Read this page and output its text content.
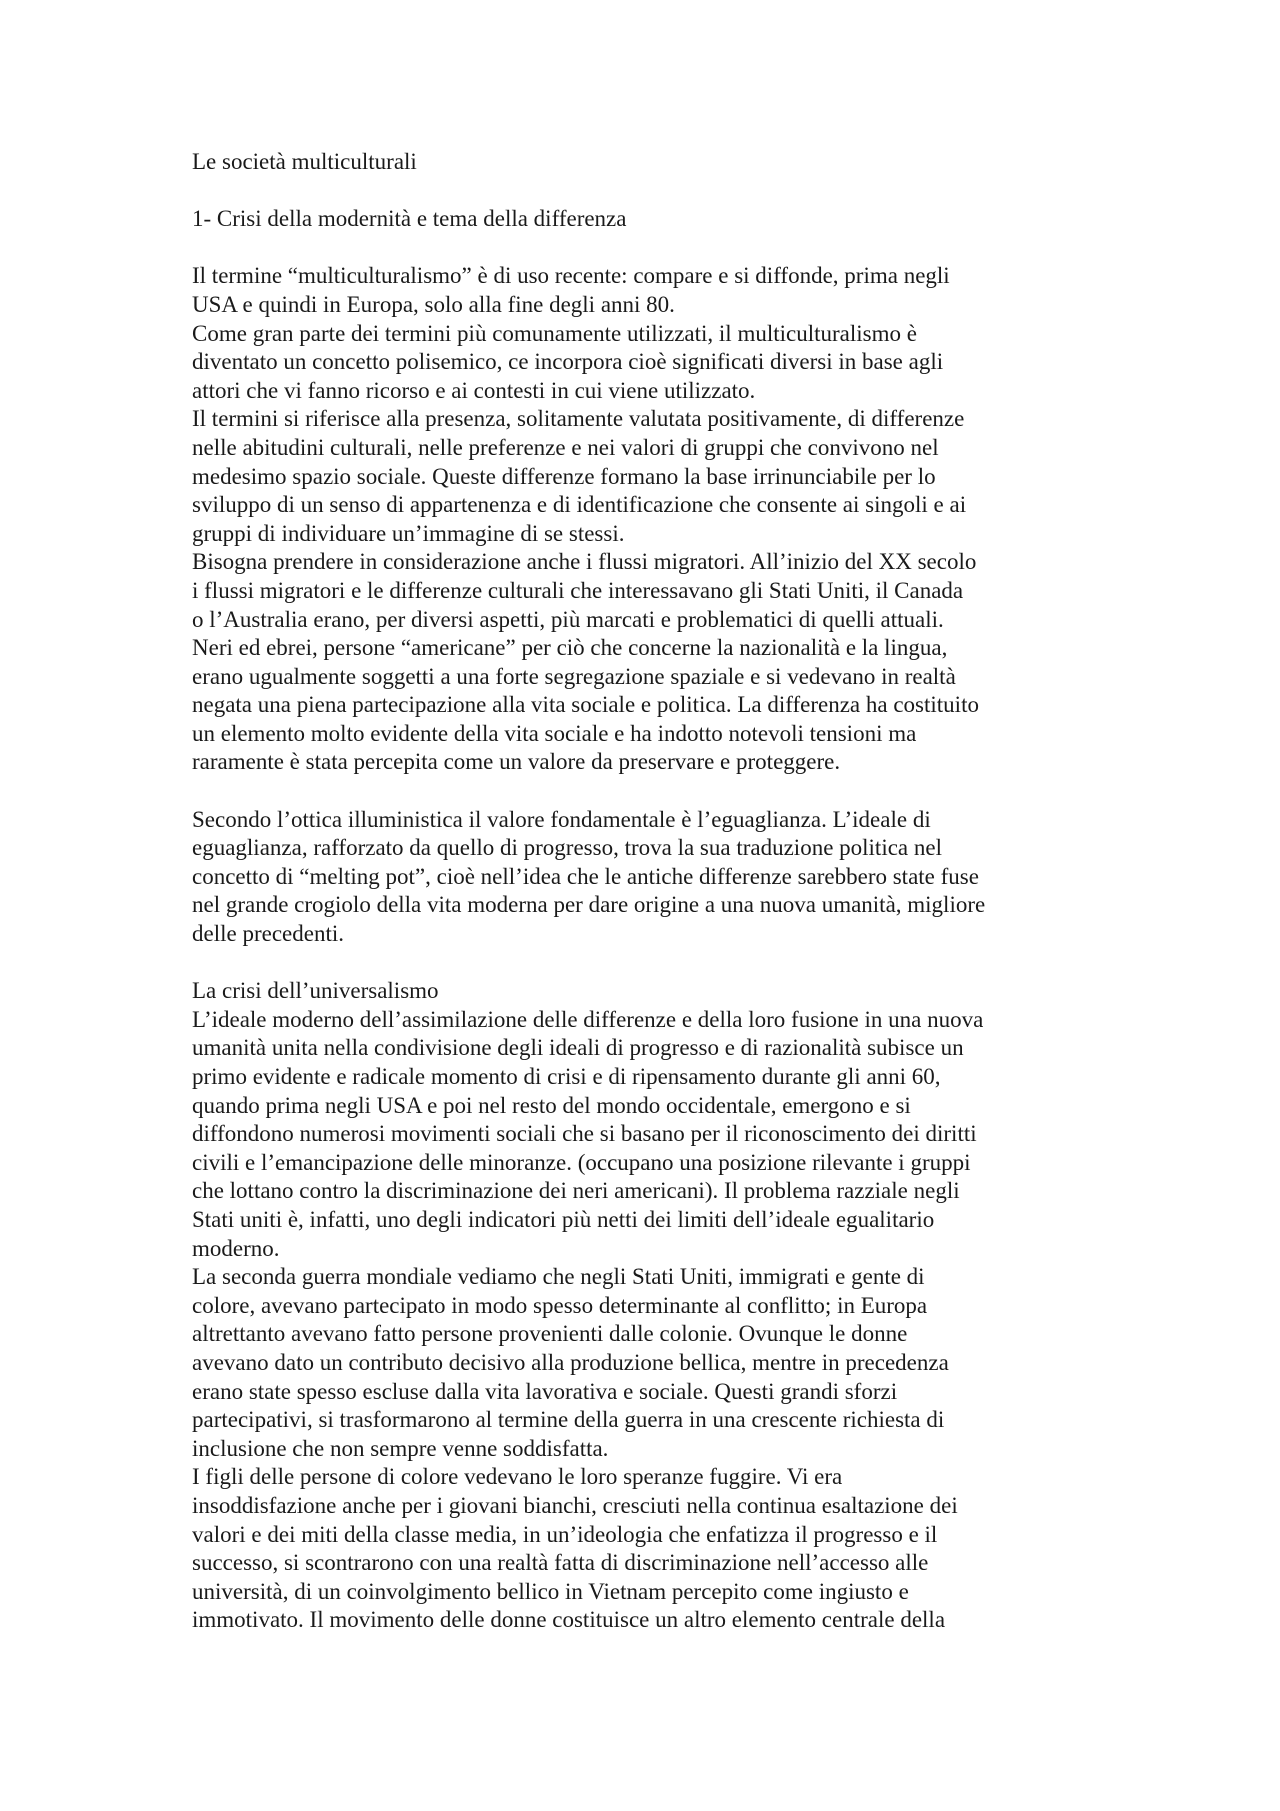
Le società multiculturali
1- Crisi della modernità e tema della differenza
Il termine “multiculturalismo” è di uso recente: compare e si diffonde, prima negli
USA e quindi in Europa, solo alla fine degli anni 80.
Come gran parte dei termini più comunamente utilizzati, il multiculturalismo è
diventato un concetto polisemico, ce incorpora cioè significati diversi in base agli
attori che vi fanno ricorso e ai contesti in cui viene utilizzato.
Il termini si riferisce alla presenza, solitamente valutata positivamente, di differenze
nelle abitudini culturali, nelle preferenze e nei valori di gruppi che convivono nel
medesimo spazio sociale. Queste differenze formano la base irrinunciabile per lo
sviluppo di un senso di appartenenza e di identificazione che consente ai singoli e ai
gruppi di individuare un’immagine di se stessi.
Bisogna prendere in considerazione anche i flussi migratori. All’inizio del XX secolo
i flussi migratori e le differenze culturali che interessavano gli Stati Uniti, il Canada
o l’Australia erano, per diversi aspetti, più marcati e problematici di quelli attuali.
Neri ed ebrei, persone “americane” per ciò che concerne la nazionalità e la lingua,
erano ugualmente soggetti a una forte segregazione spaziale e si vedevano in realtà
negata una piena partecipazione alla vita sociale e politica. La differenza ha costituito
un elemento molto evidente della vita sociale e ha indotto notevoli tensioni ma
raramente è stata percepita come un valore da preservare e proteggere.
Secondo l’ottica illuministica il valore fondamentale è l’eguaglianza. L’ideale di
eguaglianza, rafforzato da quello di progresso, trova la sua traduzione politica nel
concetto di “melting pot”, cioè nell’idea che le antiche differenze sarebbero state fuse
nel grande crogiolo della vita moderna per dare origine a una nuova umanità, migliore
delle precedenti.
La crisi dell’universalismo
L’ideale moderno dell’assimilazione delle differenze e della loro fusione in una nuova
umanità unita nella condivisione degli ideali di progresso e di razionalità subisce un
primo evidente e radicale momento di crisi e di ripensamento durante gli anni 60,
quando prima negli USA e poi nel resto del mondo occidentale, emergono e si
diffondono numerosi movimenti sociali che si basano per il riconoscimento dei diritti
civili e l’emancipazione delle minoranze. (occupano una posizione rilevante i gruppi
che lottano contro la discriminazione dei neri americani). Il problema razziale negli
Stati uniti è, infatti, uno degli indicatori più netti dei limiti dell’ideale egualitario
moderno.
La seconda guerra mondiale vediamo che negli Stati Uniti, immigrati e gente di
colore, avevano partecipato in modo spesso determinante al conflitto; in Europa
altrettanto avevano fatto persone provenienti dalle colonie. Ovunque le donne
avevano dato un contributo decisivo alla produzione bellica, mentre in precedenza
erano state spesso escluse dalla vita lavorativa e sociale. Questi grandi sforzi
partecipativi, si trasformarono al termine della guerra in una crescente richiesta di
inclusione che non sempre venne soddisfatta.
I figli delle persone di colore vedevano le loro speranze fuggire. Vi era
insoddisfazione anche per i giovani bianchi, cresciuti nella continua esaltazione dei
valori e dei miti della classe media, in un’ideologia che enfatizza il progresso e il
successo, si scontrarono con una realtà fatta di discriminazione nell’accesso alle
università, di un coinvolgimento bellico in Vietnam percepito come ingiusto e
immotivato. Il movimento delle donne costituisce un altro elemento centrale della
